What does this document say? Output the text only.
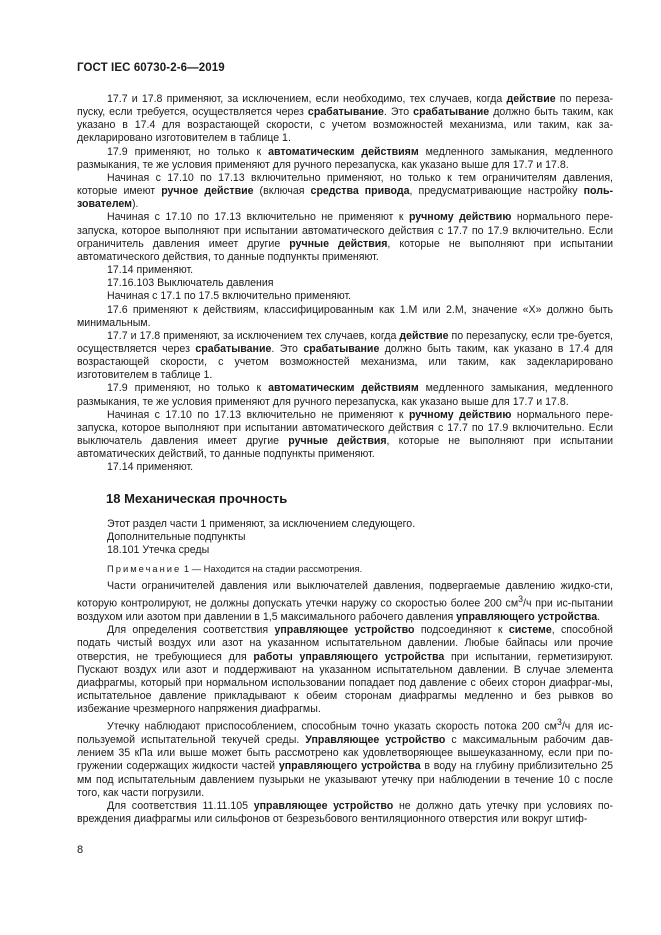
ГОСТ IEC 60730-2-6—2019

17.7 и 17.8 применяют, за исключением, если необходимо, тех случаев, когда действие по переза-пуску, если требуется, осуществляется через срабатывание. Это срабатывание должно быть таким, как указано в 17.4 для возрастающей скорости, с учетом возможностей механизма, или таким, как за-декларировано изготовителем в таблице 1.

17.9 применяют, но только к автоматическим действиям медленного замыкания, медленного размыкания, те же условия применяют для ручного перезапуска, как указано выше для 17.7 и 17.8.

Начиная с 17.10 по 17.13 включительно применяют, но только к тем ограничителям давления, которые имеют ручное действие (включая средства привода, предусматривающие настройку поль-зователем).

Начиная с 17.10 по 17.13 включительно не применяют к ручному действию нормального пере-запуска, которое выполняют при испытании автоматического действия с 17.7 по 17.9 включительно. Если ограничитель давления имеет другие ручные действия, которые не выполняют при испытании автоматического действия, то данные подпункты применяют.

17.14 применяют.

17.16.103 Выключатель давления

Начиная с 17.1 по 17.5 включительно применяют.

17.6 применяют к действиям, классифицированным как 1.M или 2.M, значение «X» должно быть минимальным.

17.7 и 17.8 применяют, за исключением тех случаев, когда действие по перезапуску, если тре-буется, осуществляется через срабатывание. Это срабатывание должно быть таким, как указано в 17.4 для возрастающей скорости, с учетом возможностей механизма, или таким, как задекларировано изготовителем в таблице 1.

17.9 применяют, но только к автоматическим действиям медленного замыкания, медленного размыкания, те же условия применяют для ручного перезапуска, как указано выше для 17.7 и 17.8.

Начиная с 17.10 по 17.13 включительно не применяют к ручному действию нормального пере-запуска, которое выполняют при испытании автоматического действия с 17.7 по 17.9 включительно. Если выключатель давления имеет другие ручные действия, которые не выполняют при испытании автоматических действий, то данные подпункты применяют.

17.14 применяют.

18 Механическая прочность

Этот раздел части 1 применяют, за исключением следующего.

Дополнительные подпункты

18.101 Утечка среды

Примечание 1 — Находится на стадии рассмотрения.

Части ограничителей давления или выключателей давления, подвергаемые давлению жидко-сти, которую контролируют, не должны допускать утечки наружу со скоростью более 200 $см^3/ч$ при ис-пытании воздухом или азотом при давлении в 1,5 максимального рабочего давления управляющего устройства.

Для определения соответствия управляющее устройство подсоединяют к системе, способной подать чистый воздух или азот на указанном испытательном давлении. Любые байпасы или прочие отверстия, не требующиеся для работы управляющего устройства при испытании, герметизируют. Пускают воздух или азот и поддерживают на указанном испытательном давлении. В случае элемента диафрагмы, который при нормальном использовании попадает под давление с обеих сторон диафраг-мы, испытательное давление прикладывают к обеим сторонам диафрагмы медленно и без рывков во избежание чрезмерного напряжения диафрагмы.

Утечку наблюдают приспособлением, способным точно указать скорость потока 200 $см^3/ч$ для ис-пользуемой испытательной текучей среды. Управляющее устройство с максимальным рабочим дав-лением 35 кПа или выше может быть рассмотрено как удовлетворяющее вышеуказанному, если при по-гружении содержащих жидкости частей управляющего устройства в воду на глубину приблизительно 25 мм под испытательным давлением пузырьки не указывают утечку при наблюдении в течение 10 с после того, как части погрузили.

Для соответствия 11.11.105 управляющее устройство не должно дать утечку при условиях по-вреждения диафрагмы или сильфонов от безрезьбового вентиляционного отверстия или вокруг штиф-

8
